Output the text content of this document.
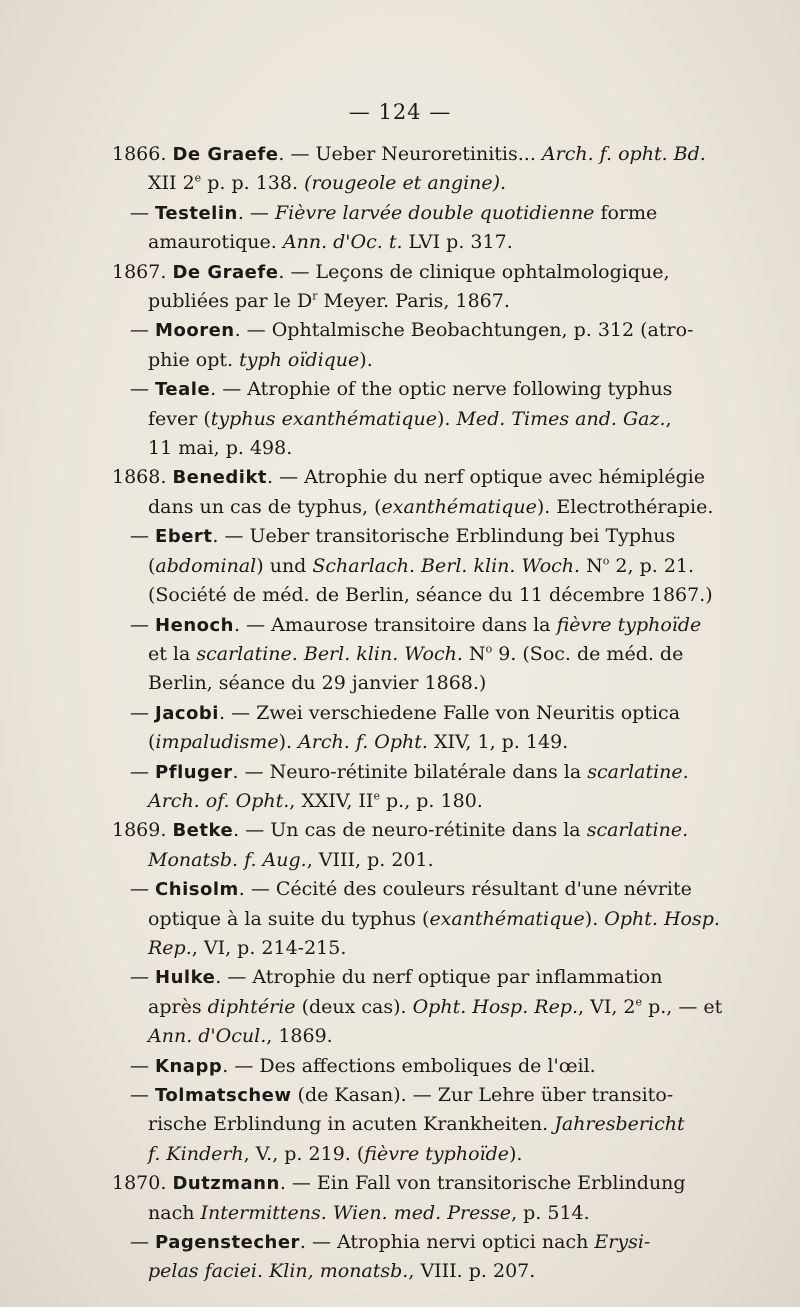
— 124 —
1866. De Graefe. — Ueber Neuroretinitis... Arch. f. opht. Bd.
XII 2e p. p. 138. (rougeole et angine).
— Testelin. — Fièvre larvée double quotidienne forme
amaurotique. Ann. d'Oc. t. LVI p. 317.
1867. De Graefe. — Leçons de clinique ophtalmologique,
publiées par le $D^r$ Meyer. Paris, 1867.
— Mooren. — Ophtalmische Beobachtungen, p. 312 (atro-
phie opt. typh oïdique).
— Teale. — Atrophie of the optic nerve following typhus
fever (typhus exanthématique). Med. Times and. Gaz.,
11 mai, p. 498.
1868. Benedikt. — Atrophie du nerf optique avec hémiplégie
dans un cas de typhus, (exanthématique). Electrothérapie.
— Ebert. — Ueber transitorische Erblindung bei Typhus
(abdominal) und Scharlach. Berl. klin. Woch. $N^o$ 2, p. 21.
(Société de méd. de Berlin, séance du 11 décembre 1867.)
— Henoch. — Amaurose transitoire dans la fièvre typhoïde
et la scarlatine. Berl. klin. Woch. $N^o$ 9. (Soc. de méd. de
Berlin, séance du 29 janvier 1868.)
— Jacobi. — Zwei verschiedene Falle von Neuritis optica
(impaludisme). Arch. f. Opht. XIV, 1, p. 149.
— Pfluger. — Neuro-rétinite bilatérale dans la scarlatine.
Arch. of. Opht., XXIV, IIe p., p. 180.
1869. Betke. — Un cas de neuro-rétinite dans la scarlatine.
Monatsb. f. Aug., VIII, p. 201.
— Chisolm. — Cécité des couleurs résultant d'une névrite
optique à la suite du typhus (exanthématique). Opht. Hosp.
Rep., VI, p. 214-215.
— Hulke. — Atrophie du nerf optique par inflammation
après diphtérie (deux cas). Opht. Hosp. Rep., VI, 2e p., — et
Ann. d'Ocul., 1869.
— Knapp. — Des affections emboliques de l'œil.
— Tolmatschew (de Kasan). — Zur Lehre über transito-
rische Erblindung in acuten Krankheiten. Jahresbericht
f. Kinderh, V., p. 219. (fièvre typhoïde).
1870. Dutzmann. — Ein Fall von transitorische Erblindung
nach Intermittens. Wien. med. Presse, p. 514.
— Pagenstecher. — Atrophia nervi optici nach Erysi-
pelas faciei. Klin, monatsb., VIII. p. 207.
